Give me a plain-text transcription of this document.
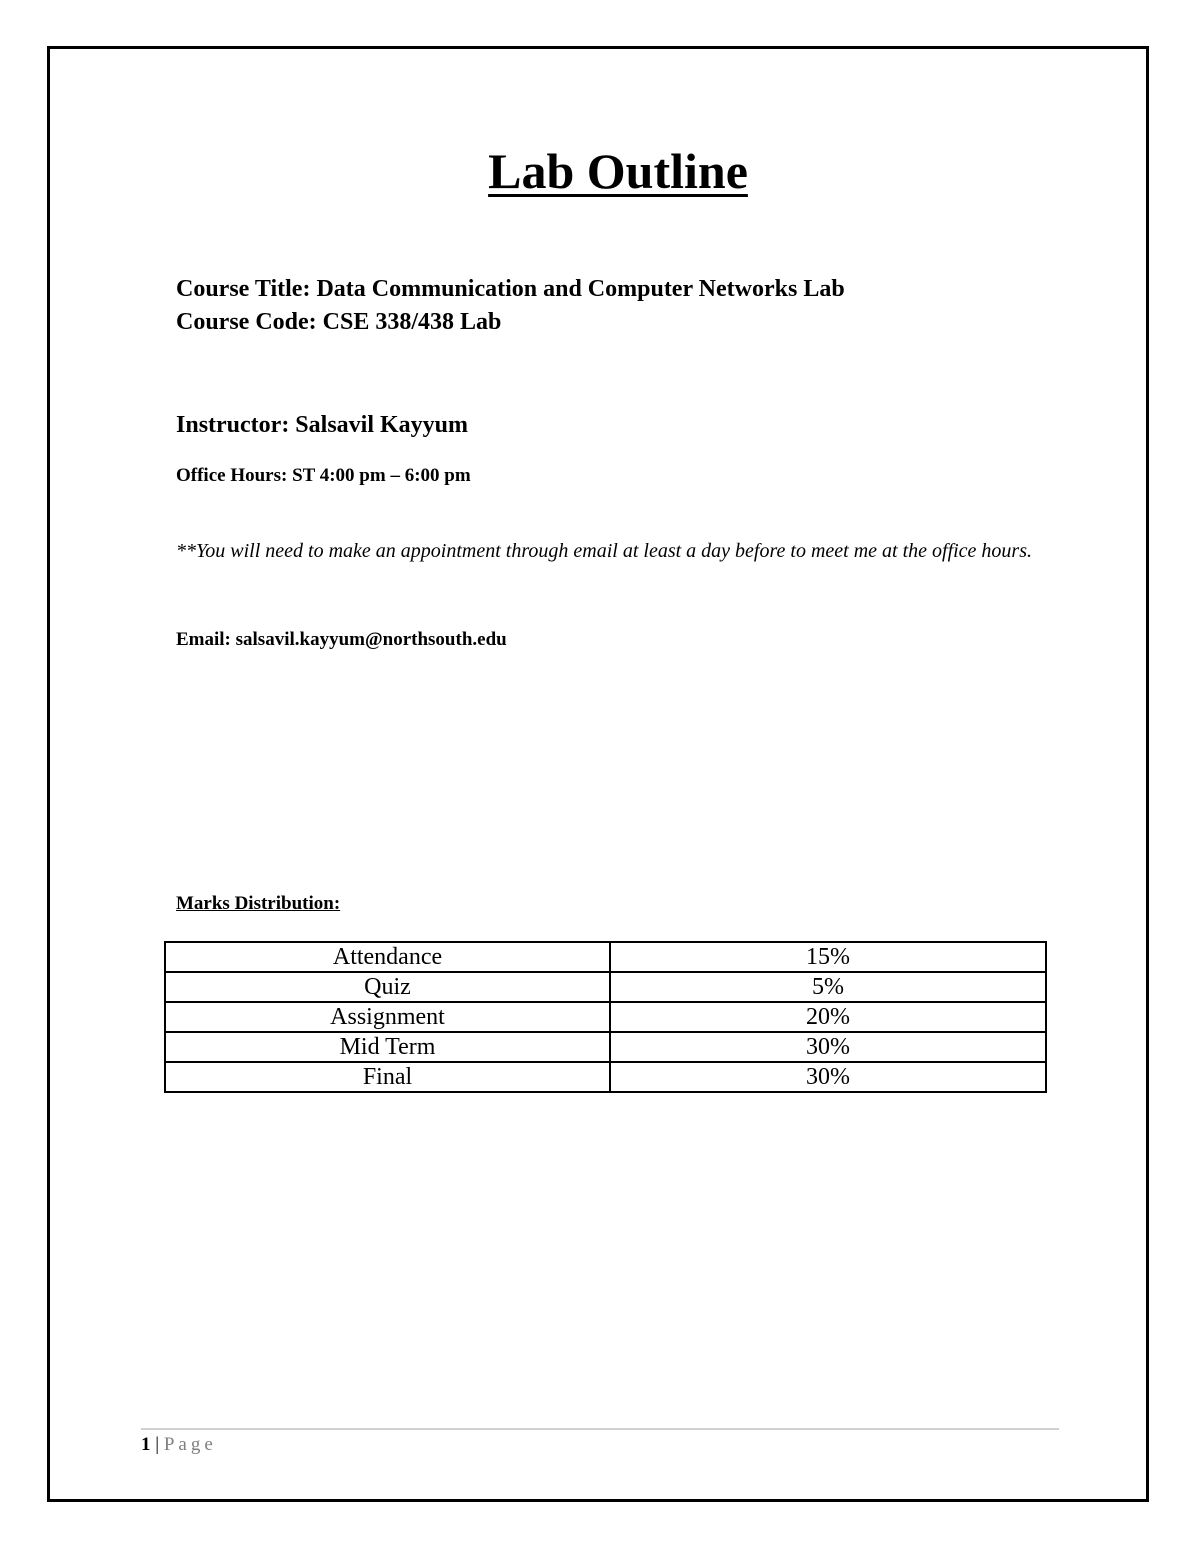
Lab Outline

Course Title: Data Communication and Computer Networks Lab

Course Code: CSE 338/438 Lab

Instructor: Salsavil Kayyum

Office Hours: ST 4:00 pm – 6:00 pm

**You will need to make an appointment through email at least a day before to meet me at the office hours.

Email: salsavil.kayyum@northsouth.edu

Marks Distribution:

Attendance	15%
Quiz	5%
Assignment	20%
Mid Term	30%
Final	30%

1 | Page
